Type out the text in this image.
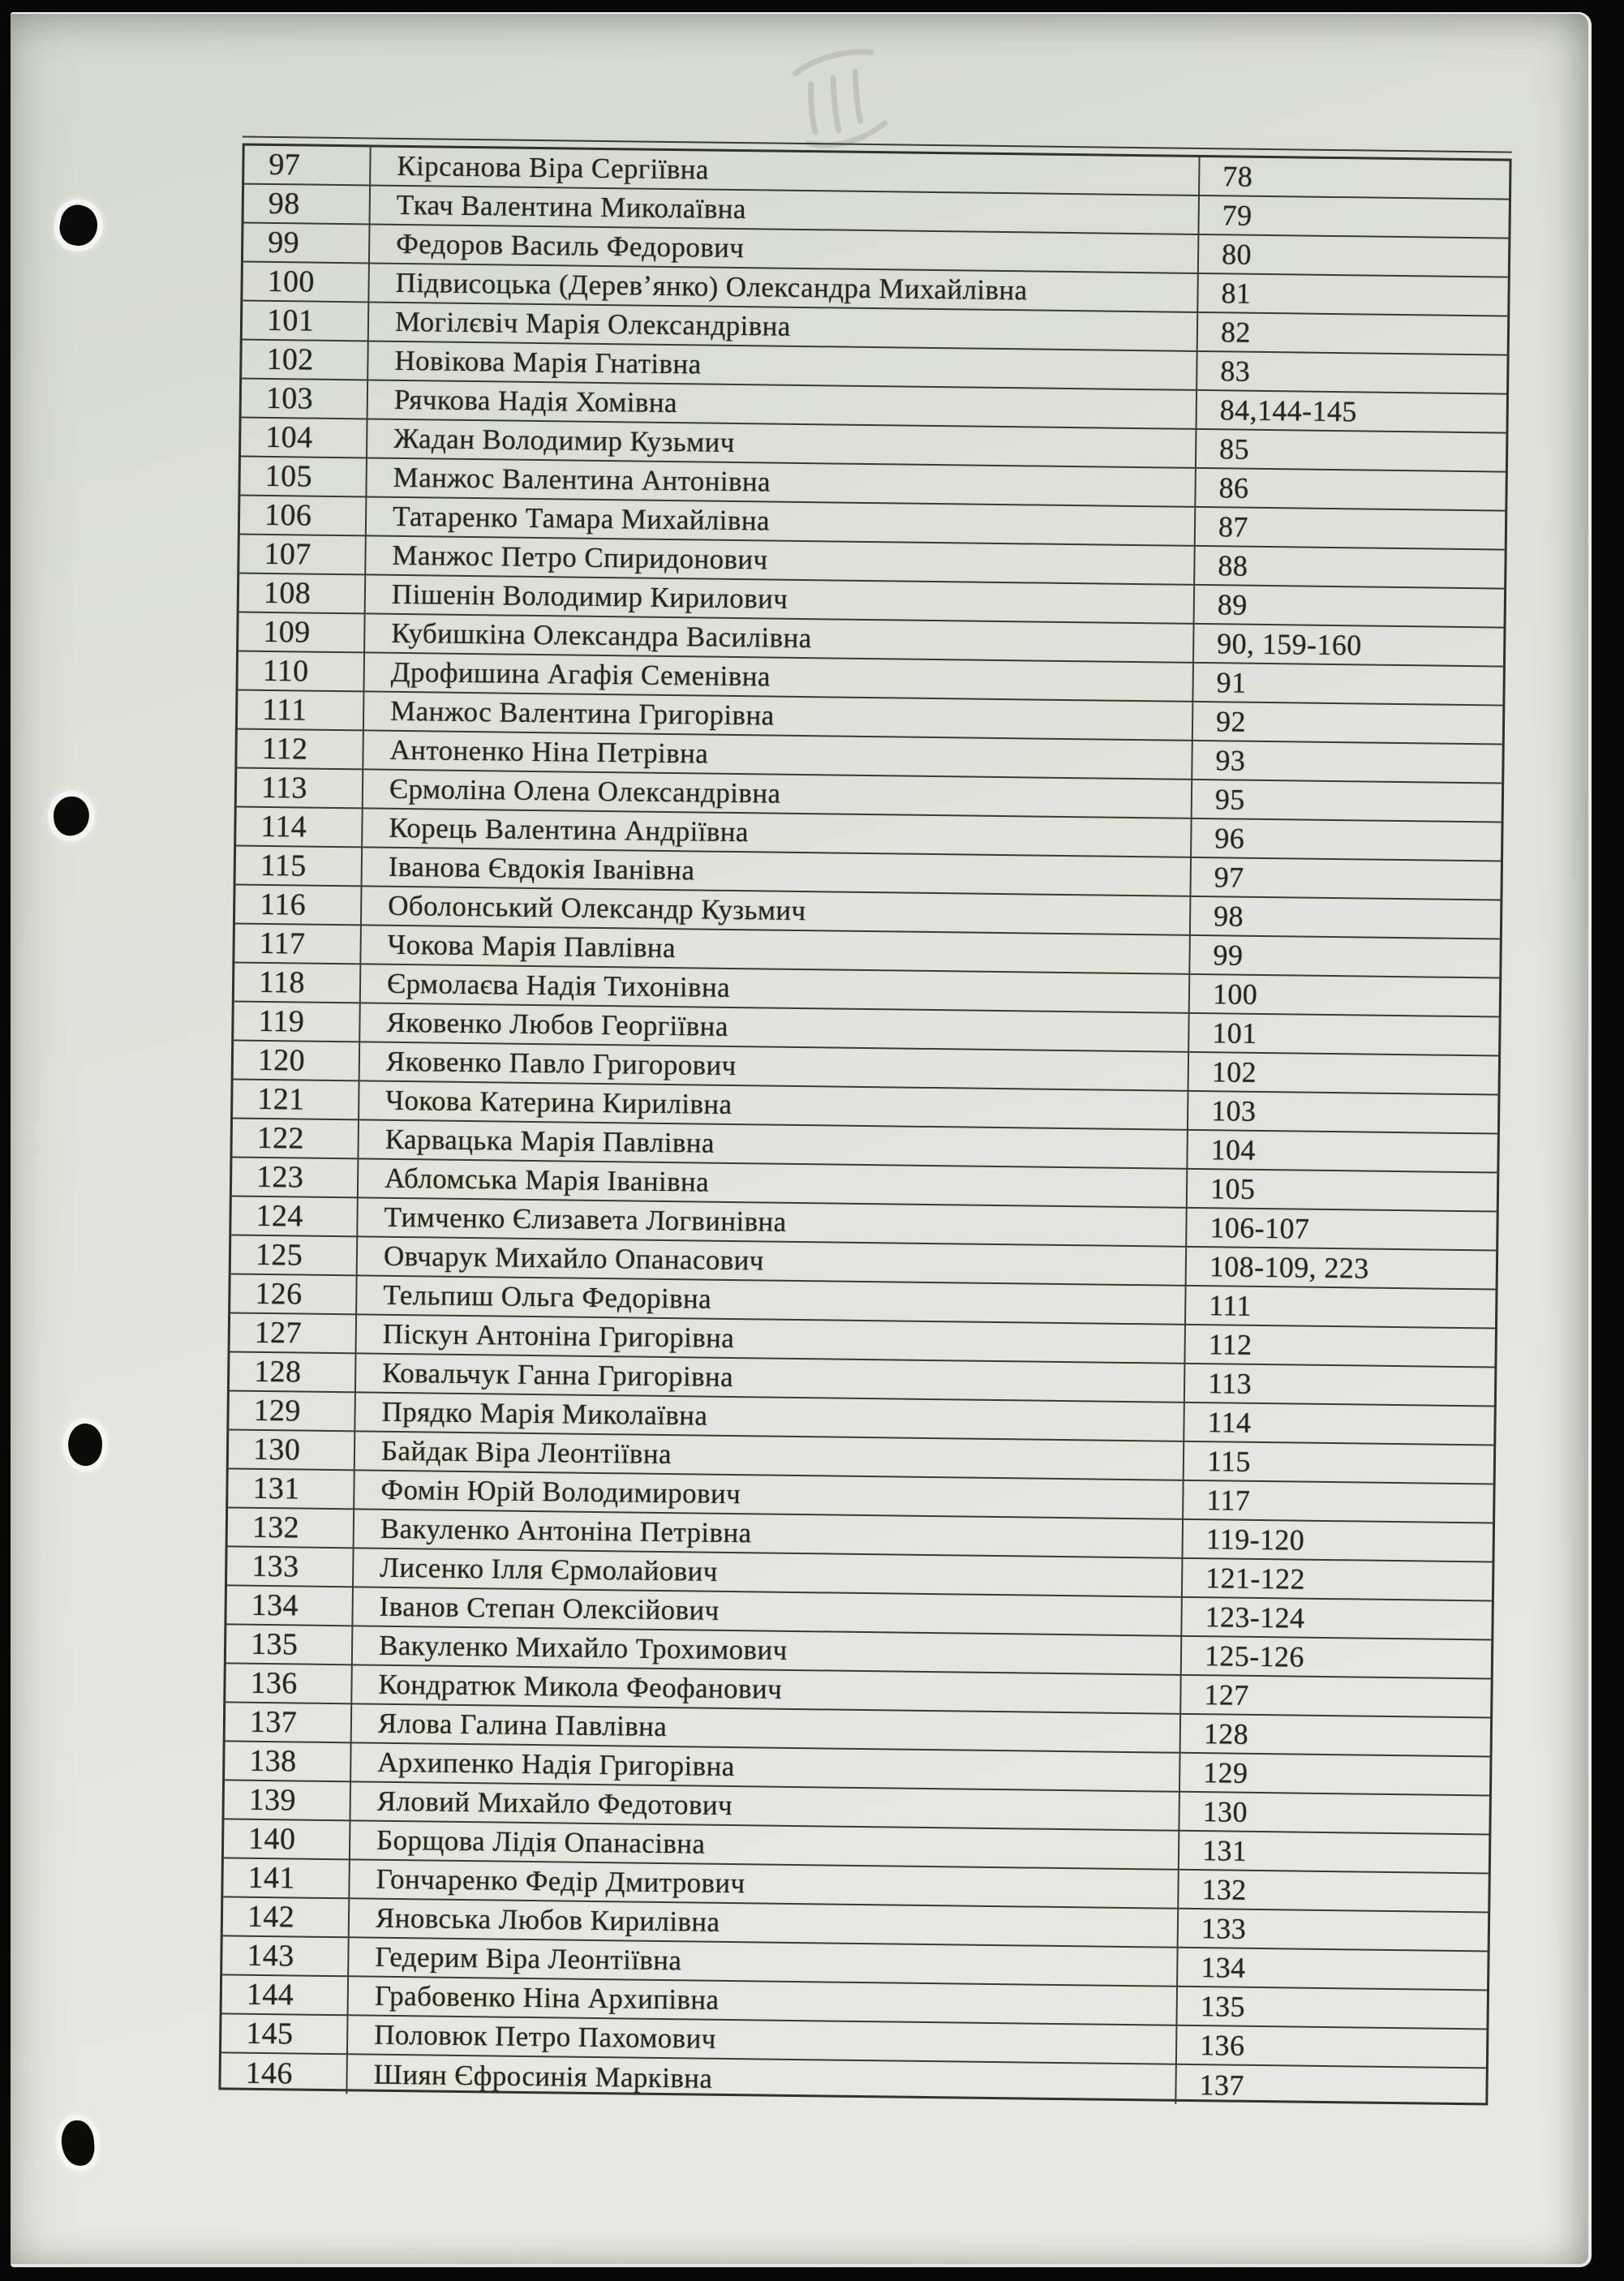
97	Кірсанова Віра Сергіївна	78
98	Ткач Валентина Миколаївна	79
99	Федоров Василь Федорович	80
100	Підвисоцька (Дерев’янко) Олександра Михайлівна	81
101	Могілєвіч Марія Олександрівна	82
102	Новікова Марія Гнатівна	83
103	Рячкова Надія Хомівна	84,144-145
104	Жадан Володимир Кузьмич	85
105	Манжос Валентина Антонівна	86
106	Татаренко Тамара Михайлівна	87
107	Манжос Петро Спиридонович	88
108	Пішенін Володимир Кирилович	89
109	Кубишкіна Олександра Василівна	90, 159-160
110	Дрофишина Агафія Семенівна	91
111	Манжос Валентина Григорівна	92
112	Антоненко Ніна Петрівна	93
113	Єрмоліна Олена Олександрівна	95
114	Корець Валентина Андріївна	96
115	Іванова Євдокія Іванівна	97
116	Оболонський Олександр Кузьмич	98
117	Чокова Марія Павлівна	99
118	Єрмолаєва Надія Тихонівна	100
119	Яковенко Любов Георгіївна	101
120	Яковенко Павло Григорович	102
121	Чокова Катерина Кирилівна	103
122	Карвацька Марія Павлівна	104
123	Абломська Марія Іванівна	105
124	Тимченко Єлизавета Логвинівна	106-107
125	Овчарук Михайло Опанасович	108-109, 223
126	Тельпиш Ольга Федорівна	111
127	Піскун Антоніна Григорівна	112
128	Ковальчук Ганна Григорівна	113
129	Прядко Марія Миколаївна	114
130	Байдак Віра Леонтіївна	115
131	Фомін Юрій Володимирович	117
132	Вакуленко Антоніна Петрівна	119-120
133	Лисенко Ілля Єрмолайович	121-122
134	Іванов Степан Олексійович	123-124
135	Вакуленко Михайло Трохимович	125-126
136	Кондратюк Микола Феофанович	127
137	Ялова Галина Павлівна	128
138	Архипенко Надія Григорівна	129
139	Яловий Михайло Федотович	130
140	Борщова Лідія Опанасівна	131
141	Гончаренко Федір Дмитрович	132
142	Яновська Любов Кирилівна	133
143	Гедерим Віра Леонтіївна	134
144	Грабовенко Ніна Архипівна	135
145	Половюк Петро Пахомович	136
146	Шиян Єфросинія Марківна	137
